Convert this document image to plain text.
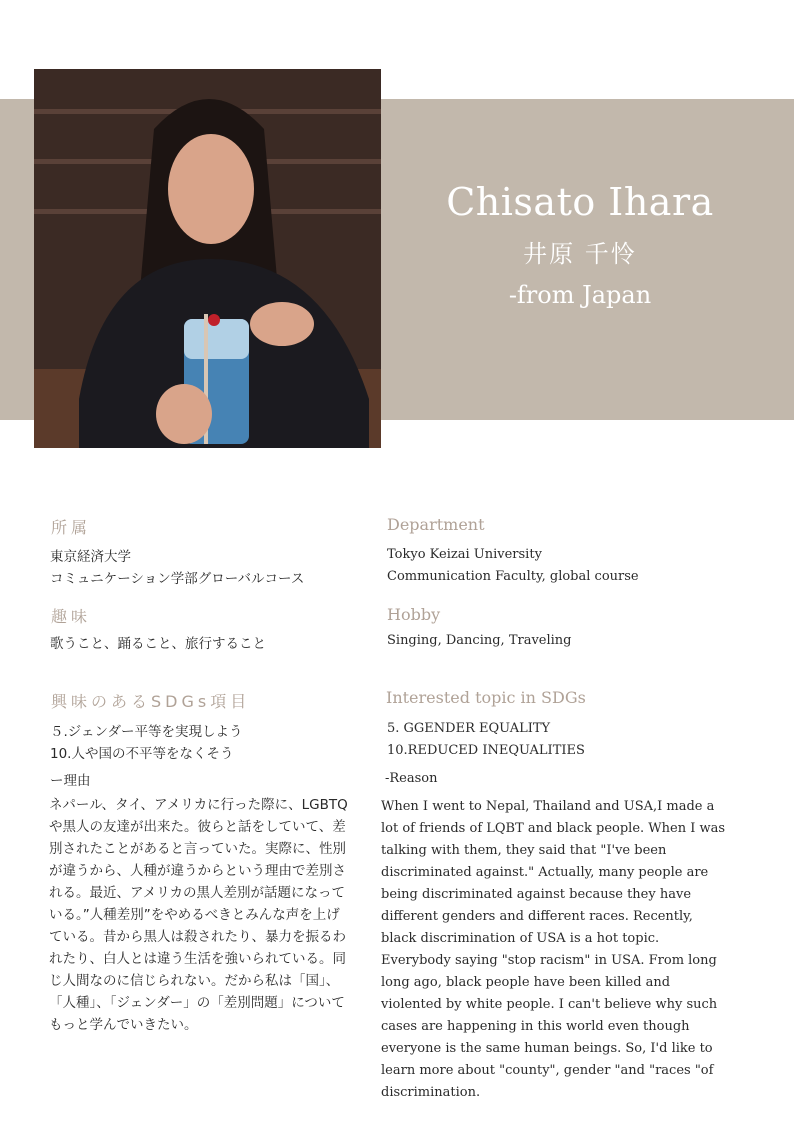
Chisato Ihara
井原 千怜
-from Japan
所属
東京経済大学
コミュニケーション学部グローバルコース
Department
Tokyo Keizai University
Communication Faculty, global course
趣味
歌うこと、踊ること、旅行すること
Hobby
Singing, Dancing, Traveling
興味のあるSDGs項目
５.ジェンダー平等を実現しよう
10.人や国の不平等をなくそう
ー理由
ネパール、タイ、アメリカに行った際に、LGBTQや黒人の友達が出来た。彼らと話をしていて、差別されたことがあると言っていた。実際に、性別が違うから、人種が違うからという理由で差別される。最近、アメリカの黒人差別が話題になっている。”人種差別”をやめるべきとみんな声を上げている。昔から黒人は殺されたり、暴力を振るわれたり、白人とは違う生活を強いられている。同じ人間なのに信じられない。だから私は「国」、「人種」、「ジェンダー」の「差別問題」についてもっと学んでいきたい。
Interested topic in SDGs
5. GGENDER EQUALITY
10.REDUCED INEQUALITIES
-Reason
When I went to Nepal, Thailand and USA,I made a lot of friends of LQBT and black people. When I was talking with them, they said that "I've been discriminated against." Actually, many people are being discriminated against because they have different genders and different races. Recently, black discrimination of USA is a hot topic. Everybody saying "stop racism" in USA. From long long ago, black people have been killed and violented by white people. I can't believe why such cases are happening in this world even though everyone is the same human beings. So, I'd like to learn more about "county", gender "and "races "of discrimination.
